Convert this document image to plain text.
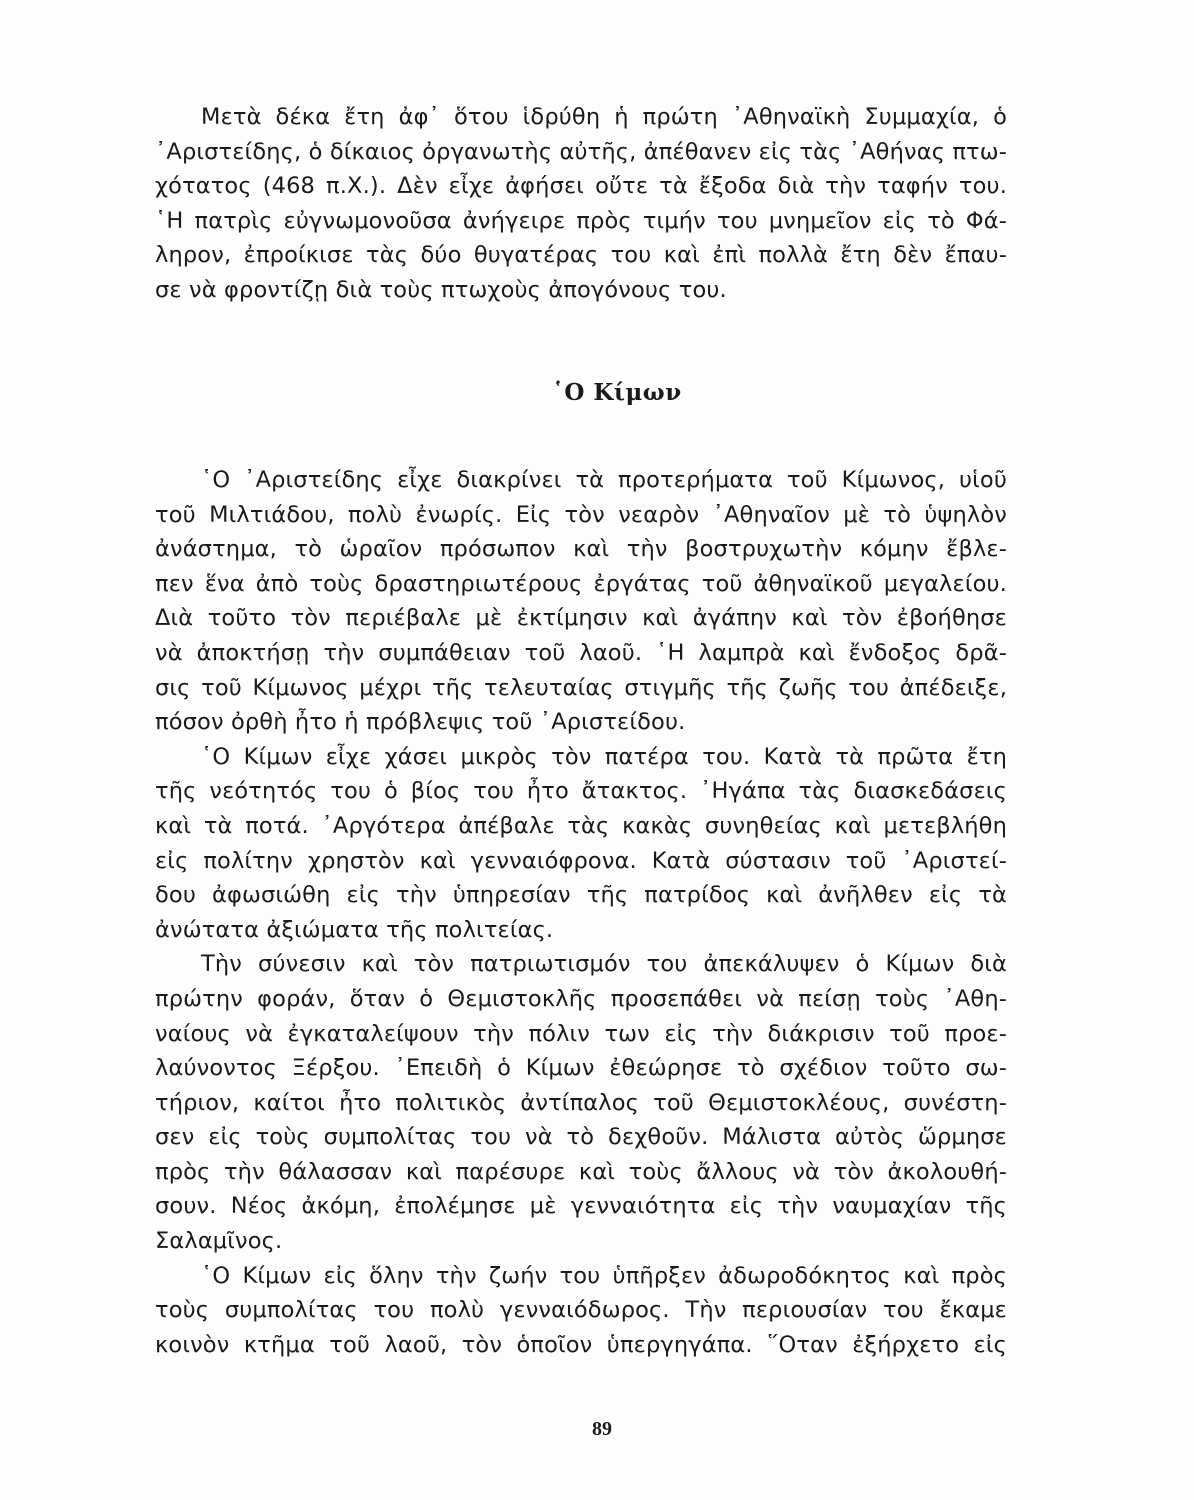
Μετὰ δέκα ἔτη ἀφ᾽ ὅτου ἱδρύθη ἡ πρώτη ᾽Αθηναϊκὴ Συμμαχία, ὁ
᾽Αριστείδης, ὁ δίκαιος ὀργανωτὴς αὐτῆς, ἀπέθανεν εἰς τὰς ᾽Αθήνας πτω-
χότατος (468 π.Χ.). Δὲν εἶχε ἀφήσει οὔτε τὰ ἔξοδα διὰ τὴν ταφήν του.
῾Η πατρὶς εὐγνωμονοῦσα ἀνήγειρε πρὸς τιμήν του μνημεῖον εἰς τὸ Φά-
ληρον, ἐπροίκισε τὰς δύο θυγατέρας του καὶ ἐπὶ πολλὰ ἔτη δὲν ἔπαυ-
σε νὰ φροντίζῃ διὰ τοὺς πτωχοὺς ἀπογόνους του.
῾Ο Κίμων
῾Ο ᾽Αριστείδης εἶχε διακρίνει τὰ προτερήματα τοῦ Κίμωνος, υἱοῦ
τοῦ Μιλτιάδου, πολὺ ἐνωρίς. Εἰς τὸν νεαρὸν ᾽Αθηναῖον μὲ τὸ ὑψηλὸν
ἀνάστημα, τὸ ὡραῖον πρόσωπον καὶ τὴν βοστρυχωτὴν κόμην ἔβλε-
πεν ἕνα ἀπὸ τοὺς δραστηριωτέρους ἐργάτας τοῦ ἀθηναϊκοῦ μεγαλείου.
Διὰ τοῦτο τὸν περιέβαλε μὲ ἐκτίμησιν καὶ ἀγάπην καὶ τὸν ἐβοήθησε
νὰ ἀποκτήσῃ τὴν συμπάθειαν τοῦ λαοῦ. ῾Η λαμπρὰ καὶ ἔνδοξος δρᾶ-
σις τοῦ Κίμωνος μέχρι τῆς τελευταίας στιγμῆς τῆς ζωῆς του ἀπέδειξε,
πόσον ὀρθὴ ἦτο ἡ πρόβλεψις τοῦ ᾽Αριστείδου.
῾Ο Κίμων εἶχε χάσει μικρὸς τὸν πατέρα του. Κατὰ τὰ πρῶτα ἔτη
τῆς νεότητός του ὁ βίος του ἦτο ἄτακτος. ᾽Ηγάπα τὰς διασκεδάσεις
καὶ τὰ ποτά. ᾽Αργότερα ἀπέβαλε τὰς κακὰς συνηθείας καὶ μετεβλήθη
εἰς πολίτην χρηστὸν καὶ γενναιόφρονα. Κατὰ σύστασιν τοῦ ᾽Αριστεί-
δου ἀφωσιώθη εἰς τὴν ὑπηρεσίαν τῆς πατρίδος καὶ ἀνῆλθεν εἰς τὰ
ἀνώτατα ἀξιώματα τῆς πολιτείας.
Τὴν σύνεσιν καὶ τὸν πατριωτισμόν του ἀπεκάλυψεν ὁ Κίμων διὰ
πρώτην φοράν, ὅταν ὁ Θεμιστοκλῆς προσεπάθει νὰ πείσῃ τοὺς ᾽Αθη-
ναίους νὰ ἐγκαταλείψουν τὴν πόλιν των εἰς τὴν διάκρισιν τοῦ προε-
λαύνοντος Ξέρξου. ᾽Επειδὴ ὁ Κίμων ἐθεώρησε τὸ σχέδιον τοῦτο σω-
τήριον, καίτοι ἦτο πολιτικὸς ἀντίπαλος τοῦ Θεμιστοκλέους, συνέστη-
σεν εἰς τοὺς συμπολίτας του νὰ τὸ δεχθοῦν. Μάλιστα αὐτὸς ὥρμησε
πρὸς τὴν θάλασσαν καὶ παρέσυρε καὶ τοὺς ἄλλους νὰ τὸν ἀκολουθή-
σουν. Νέος ἀκόμη, ἐπολέμησε μὲ γενναιότητα εἰς τὴν ναυμαχίαν τῆς
Σαλαμῖνος.
῾Ο Κίμων εἰς ὅλην τὴν ζωήν του ὑπῆρξεν ἀδωροδόκητος καὶ πρὸς
τοὺς συμπολίτας του πολὺ γενναιόδωρος. Τὴν περιουσίαν του ἔκαμε
κοινὸν κτῆμα τοῦ λαοῦ, τὸν ὁποῖον ὑπεργηγάπα. ῞Οταν ἐξήρχετο εἰς
89
